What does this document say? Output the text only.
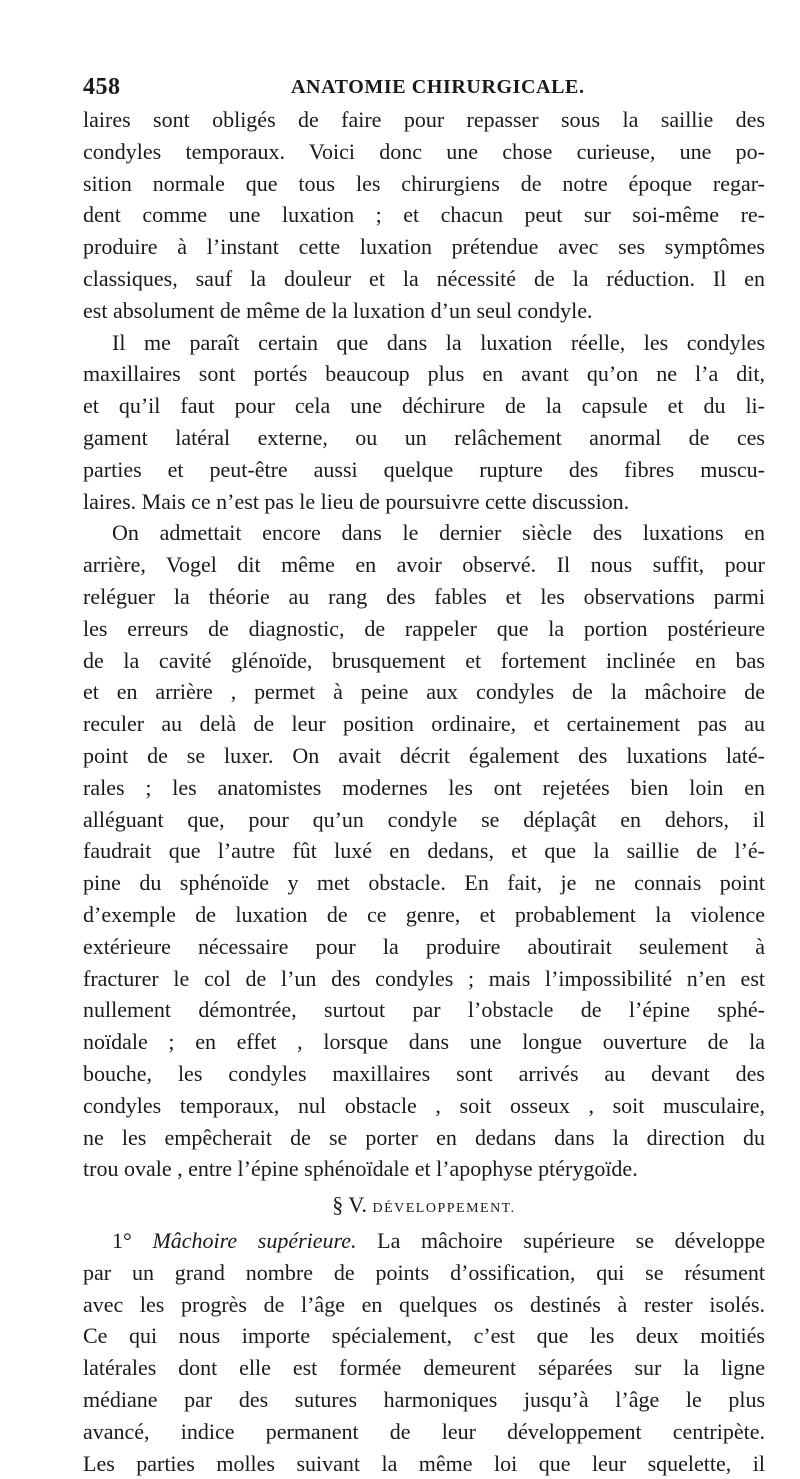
458	ANATOMIE CHIRURGICALE.
laires sont obligés de faire pour repasser sous la saillie des
condyles temporaux. Voici donc une chose curieuse, une po-
sition normale que tous les chirurgiens de notre époque regar-
dent comme une luxation ; et chacun peut sur soi-même re-
produire à l’instant cette luxation prétendue avec ses symptômes
classiques, sauf la douleur et la nécessité de la réduction. Il en
est absolument de même de la luxation d’un seul condyle.
Il me paraît certain que dans la luxation réelle, les condyles
maxillaires sont portés beaucoup plus en avant qu’on ne l’a dit,
et qu’il faut pour cela une déchirure de la capsule et du li-
gament latéral externe, ou un relâchement anormal de ces
parties et peut-être aussi quelque rupture des fibres muscu-
laires. Mais ce n’est pas le lieu de poursuivre cette discussion.
On admettait encore dans le dernier siècle des luxations en
arrière, Vogel dit même en avoir observé. Il nous suffit, pour
reléguer la théorie au rang des fables et les observations parmi
les erreurs de diagnostic, de rappeler que la portion postérieure
de la cavité glénoïde, brusquement et fortement inclinée en bas
et en arrière , permet à peine aux condyles de la mâchoire de
reculer au delà de leur position ordinaire, et certainement pas au
point de se luxer. On avait décrit également des luxations laté-
rales ; les anatomistes modernes les ont rejetées bien loin en
alléguant que, pour qu’un condyle se déplaçât en dehors, il
faudrait que l’autre fût luxé en dedans, et que la saillie de l’é-
pine du sphénoïde y met obstacle. En fait, je ne connais point
d’exemple de luxation de ce genre, et probablement la violence
extérieure nécessaire pour la produire aboutirait seulement à
fracturer le col de l’un des condyles ; mais l’impossibilité n’en est
nullement démontrée, surtout par l’obstacle de l’épine sphé-
noïdale ; en effet , lorsque dans une longue ouverture de la
bouche, les condyles maxillaires sont arrivés au devant des
condyles temporaux, nul obstacle , soit osseux , soit musculaire,
ne les empêcherait de se porter en dedans dans la direction du
trou ovale , entre l’épine sphénoïdale et l’apophyse ptérygoïde.
§ V. DÉVELOPPEMENT.
1° Mâchoire supérieure. La mâchoire supérieure se développe
par un grand nombre de points d’ossification, qui se résument
avec les progrès de l’âge en quelques os destinés à rester isolés.
Ce qui nous importe spécialement, c’est que les deux moitiés
latérales dont elle est formée demeurent séparées sur la ligne
médiane par des sutures harmoniques jusqu’à l’âge le plus
avancé, indice permanent de leur développement centripète.
Les parties molles suivant la même loi que leur squelette, il
